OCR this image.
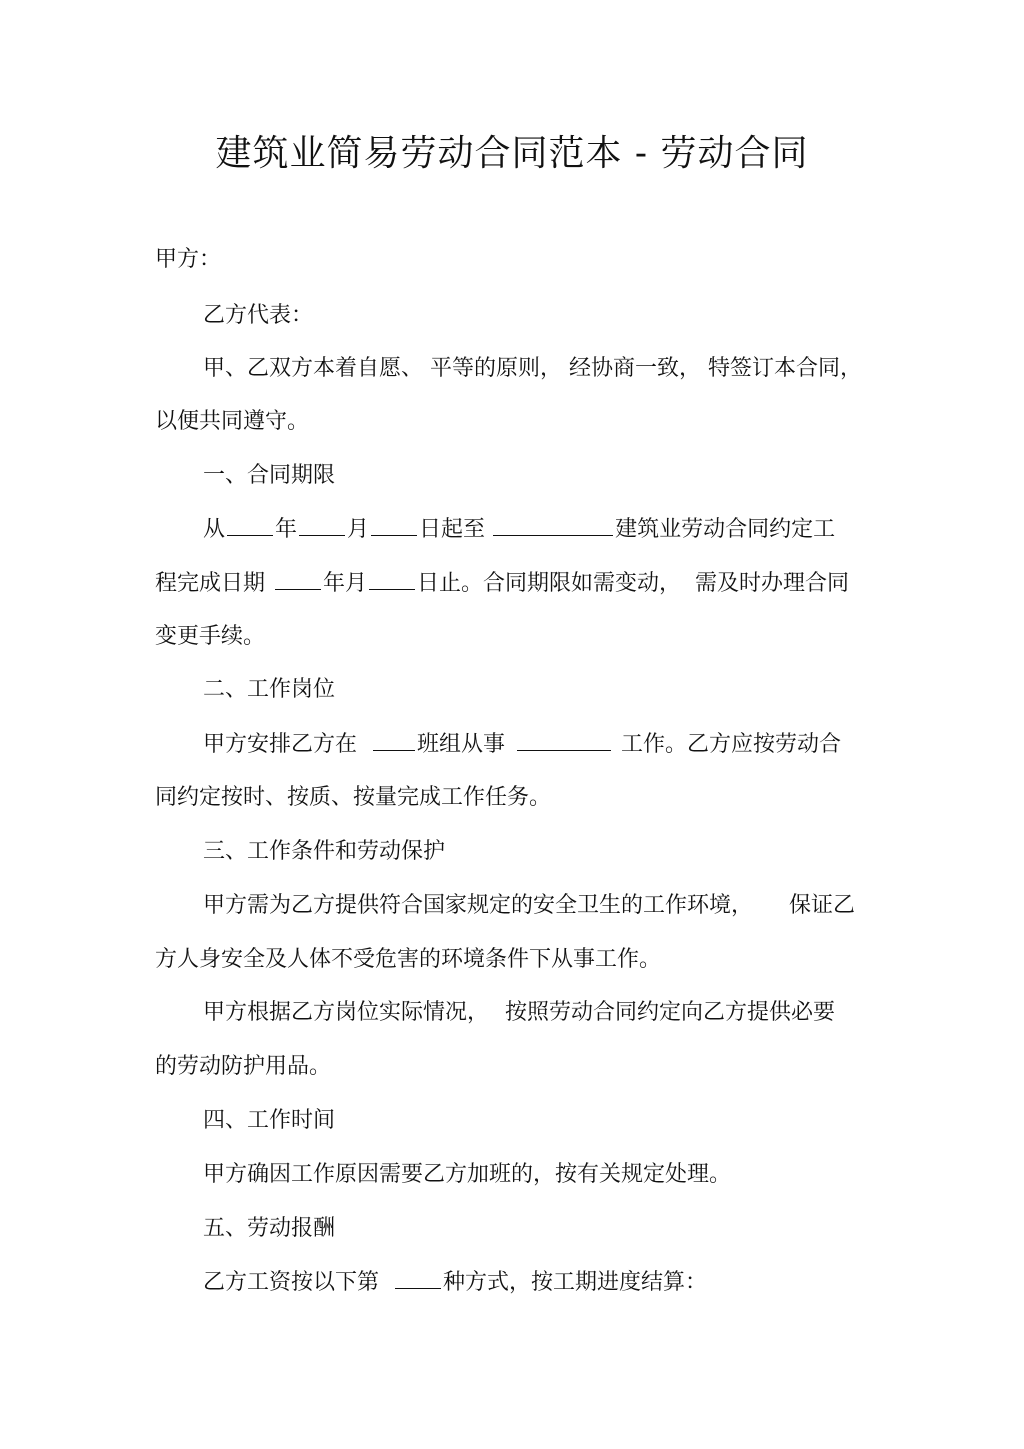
建筑业简易劳动合同范本 - 劳动合同
甲方：
乙方代表：
甲、乙双方本着自愿、 平等的原则， 经协商一致， 特签订本合同，
以便共同遵守。
一、合同期限
从 年 月 日起至	建筑业劳动合同约定工
程完成日期	年月 日止。合同期限如需变动， 需及时办理合同
变更手续。
二、工作岗位
甲方安排乙方在	班组从事	工作。乙方应按劳动合
同约定按时、按质、按量完成工作任务。
三、工作条件和劳动保护
甲方需为乙方提供符合国家规定的安全卫生的工作环境， 保证乙
方人身安全及人体不受危害的环境条件下从事工作。
甲方根据乙方岗位实际情况， 按照劳动合同约定向乙方提供必要
的劳动防护用品。
四、工作时间
甲方确因工作原因需要乙方加班的，按有关规定处理。
五、劳动报酬
乙方工资按以下第	种方式，按工期进度结算：
